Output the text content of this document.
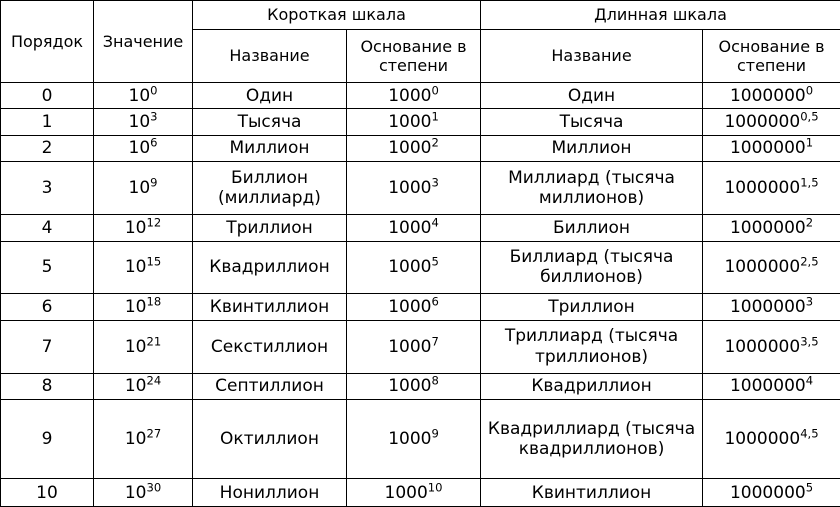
Порядок	Значение	Короткая шкала		Длинная шкала	
		Название	Основание в степени	Название	Основание в степени
0	$10^0$	Один	1000$^0$	Один	1000000$^0$
1	$10^3$	Тысяча	1000$^1$	Тысяча	1000000$^{0,5}$
2	$10^6$	Миллион	1000$^2$	Миллион	1000000$^1$
3	$10^9$	Биллион (миллиард)	1000$^3$	Миллиард (тысяча миллионов)	1000000$^{1,5}$
4	$10^{12}$	Триллион	1000$^4$	Биллион	1000000$^2$
5	$10^{15}$	Квадриллион	1000$^5$	Биллиард (тысяча биллионов)	1000000$^{2,5}$
6	$10^{18}$	Квинтиллион	1000$^6$	Триллион	1000000$^3$
7	$10^{21}$	Секстиллион	1000$^7$	Триллиард (тысяча триллионов)	1000000$^{3,5}$
8	$10^{24}$	Септиллион	1000$^8$	Квадриллион	1000000$^4$
9	$10^{27}$	Октиллион	1000$^9$	Квадриллиард (тысяча квадриллионов)	1000000$^{4,5}$
10	$10^{30}$	Нониллион	1000$^{10}$	Квинтиллион	1000000$^5$
